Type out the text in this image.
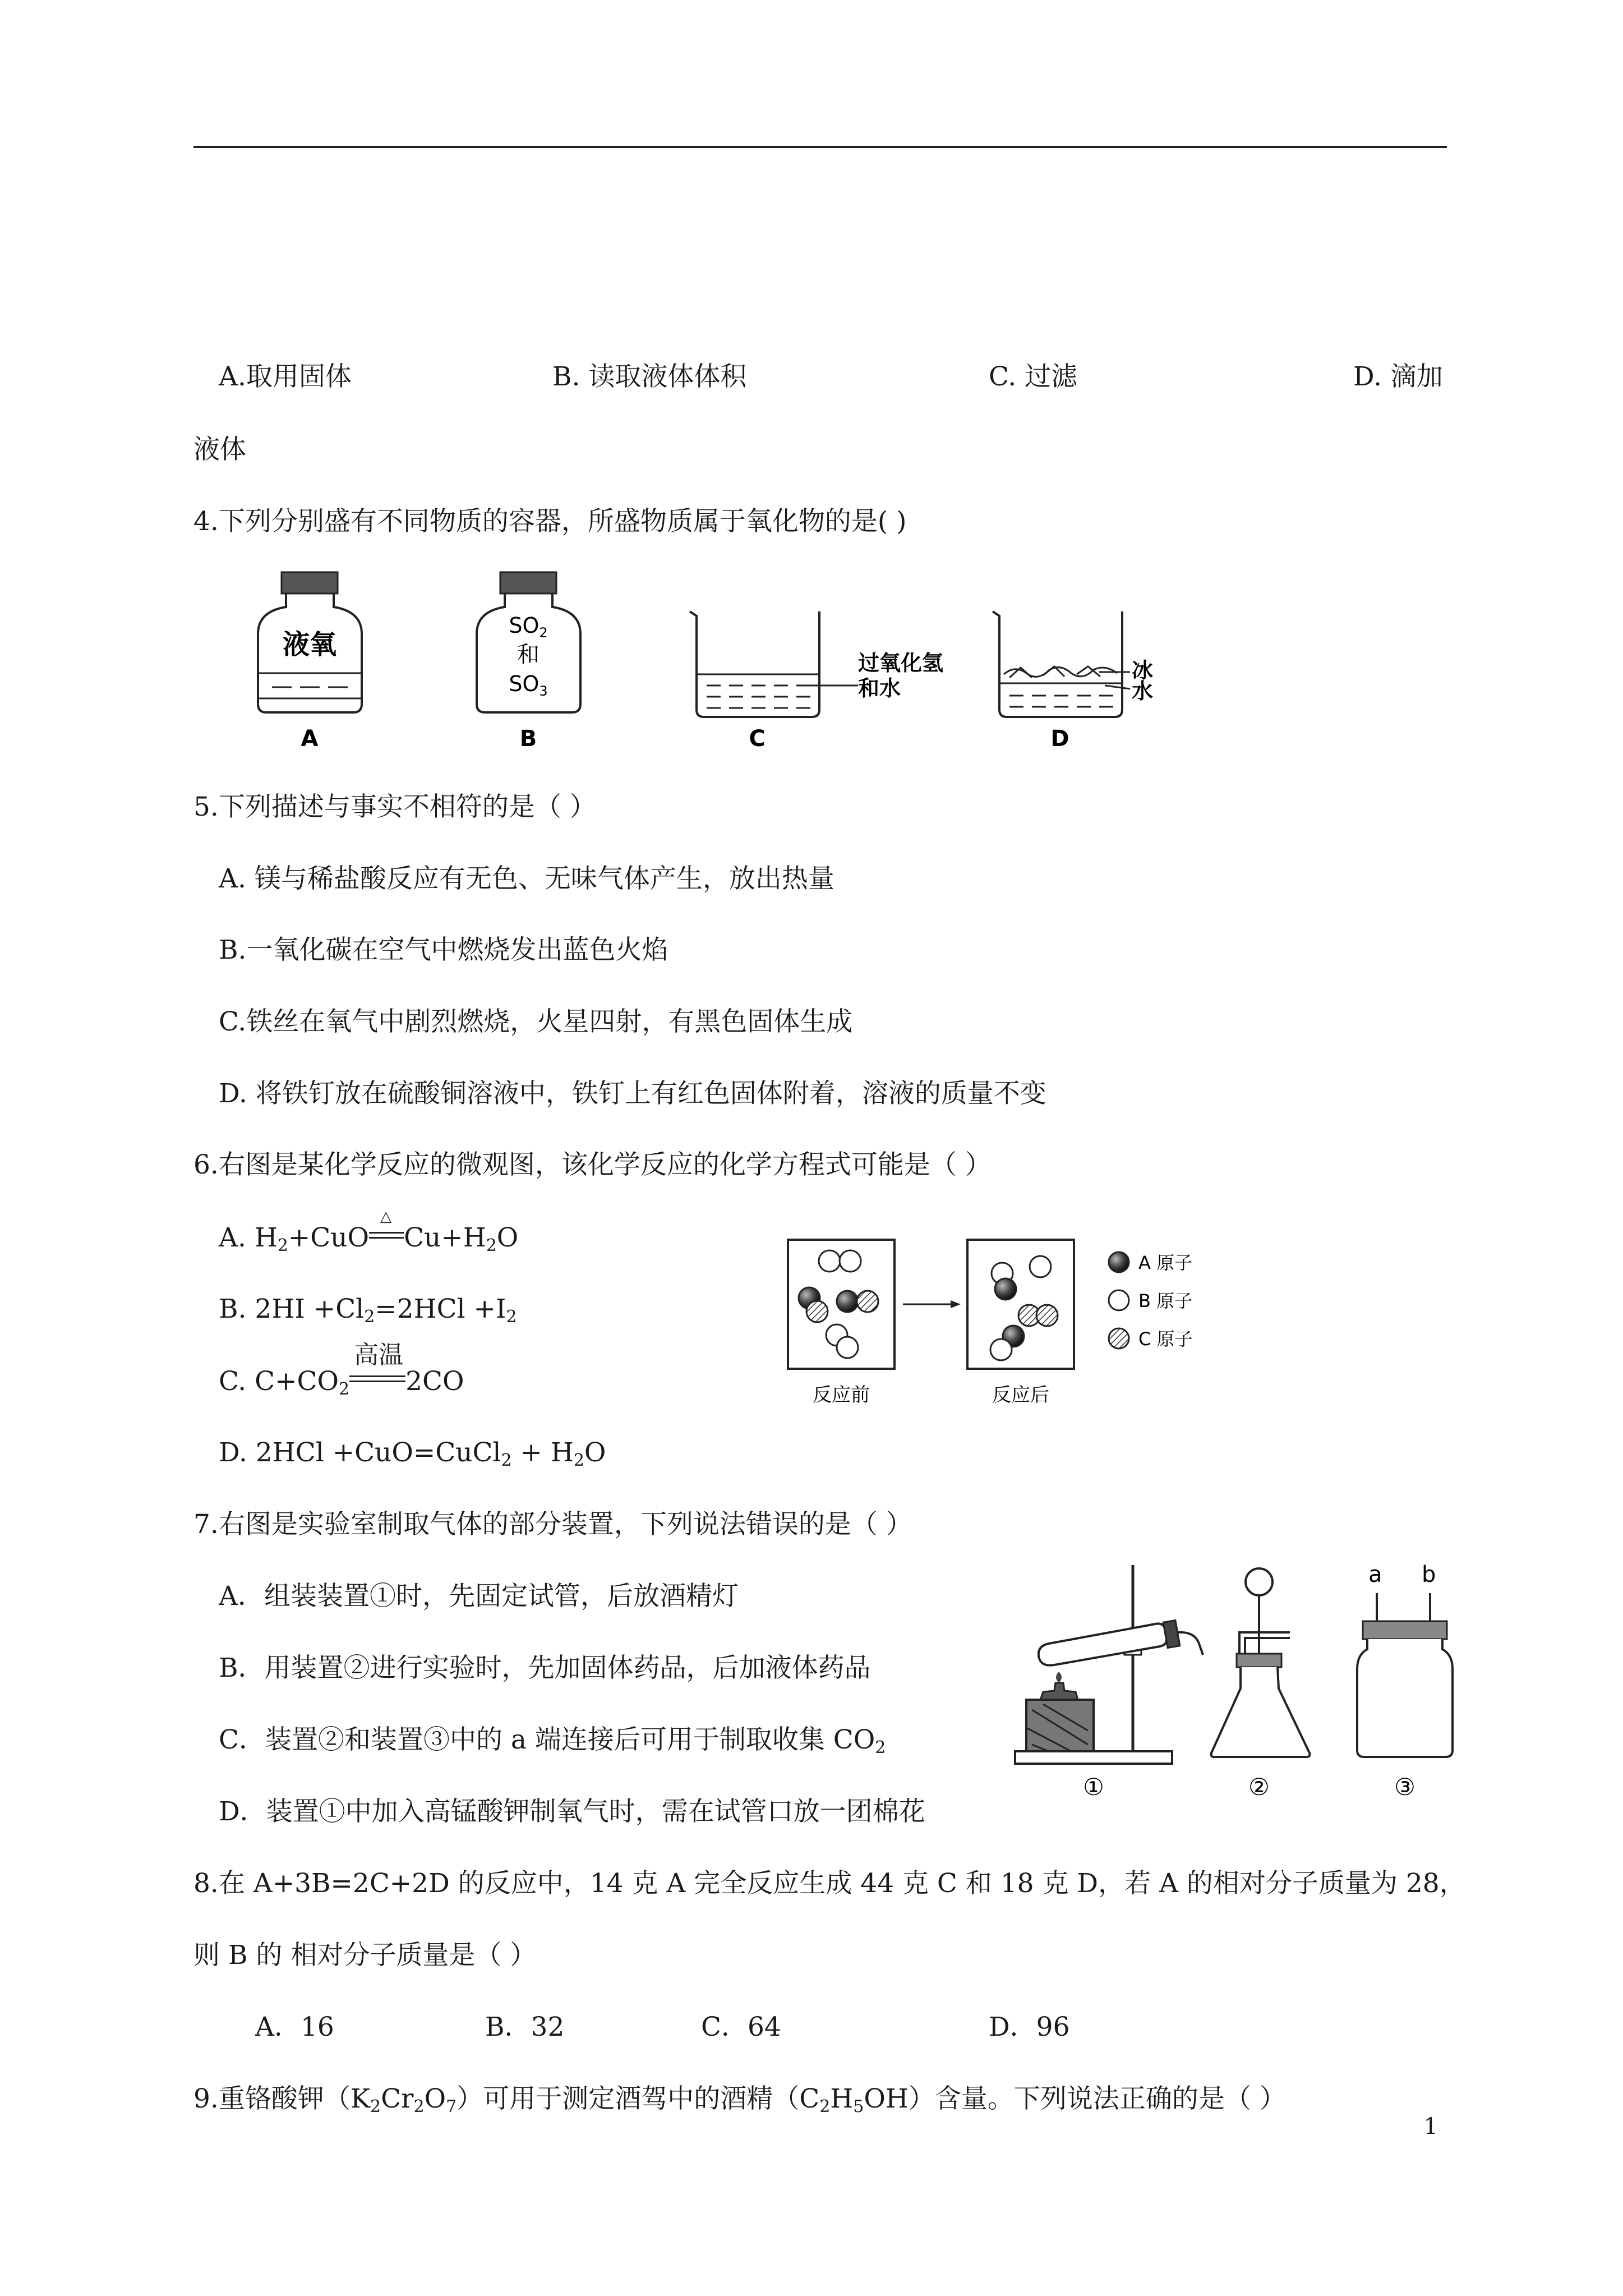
A.取用固体	B. 读取液体体积	C. 过滤	D. 滴加
液体
4.下列分别盛有不同物质的容器，所盛物质属于氧化物的是( )
液氧
A
$SO_2$
和
$SO_3$
B
过氧化氢
和水
C
冰
水
D
5.下列描述与事实不相符的是（ ）
A. 镁与稀盐酸反应有无色、无味气体产生，放出热量
B.一氧化碳在空气中燃烧发出蓝色火焰
C.铁丝在氧气中剧烈燃烧，火星四射，有黑色固体生成
D. 将铁钉放在硫酸铜溶液中，铁钉上有红色固体附着，溶液的质量不变
6.右图是某化学反应的微观图，该化学反应的化学方程式可能是（ ）
A. $H_2+CuO$
△
$Cu+H_2O$
B. $2HI +Cl_2=2HCl +I_2$
C. $C+CO_2$
高温
2CO
D. 2HCl +CuO=CuCl$_2$ + $H_2O$
反应前	反应后
A 原子
B 原子
C 原子
7.右图是实验室制取气体的部分装置，下列说法错误的是（ ）
A．组装装置①时，先固定试管，后放酒精灯
B．用装置②进行实验时，先加固体药品，后加液体药品
C．装置②和装置③中的 a 端连接后可用于制取收集 $CO_2$
D．装置①中加入高锰酸钾制氧气时，需在试管口放一团棉花
①	②
a b
③
8.在 A+3B=2C+2D 的反应中，14 克 A 完全反应生成 44 克 C 和 18 克 D，若 A 的相对分子质量为 28，
则 B 的 相对分子质量是（ ）
A．16	B．32	C．64	D．96
9.重铬酸钾$(K_2Cr_2O_7)$可用于测定酒驾中的酒精$(C_2H_5OH)$含量。下列说法正确的是（ ）
1
